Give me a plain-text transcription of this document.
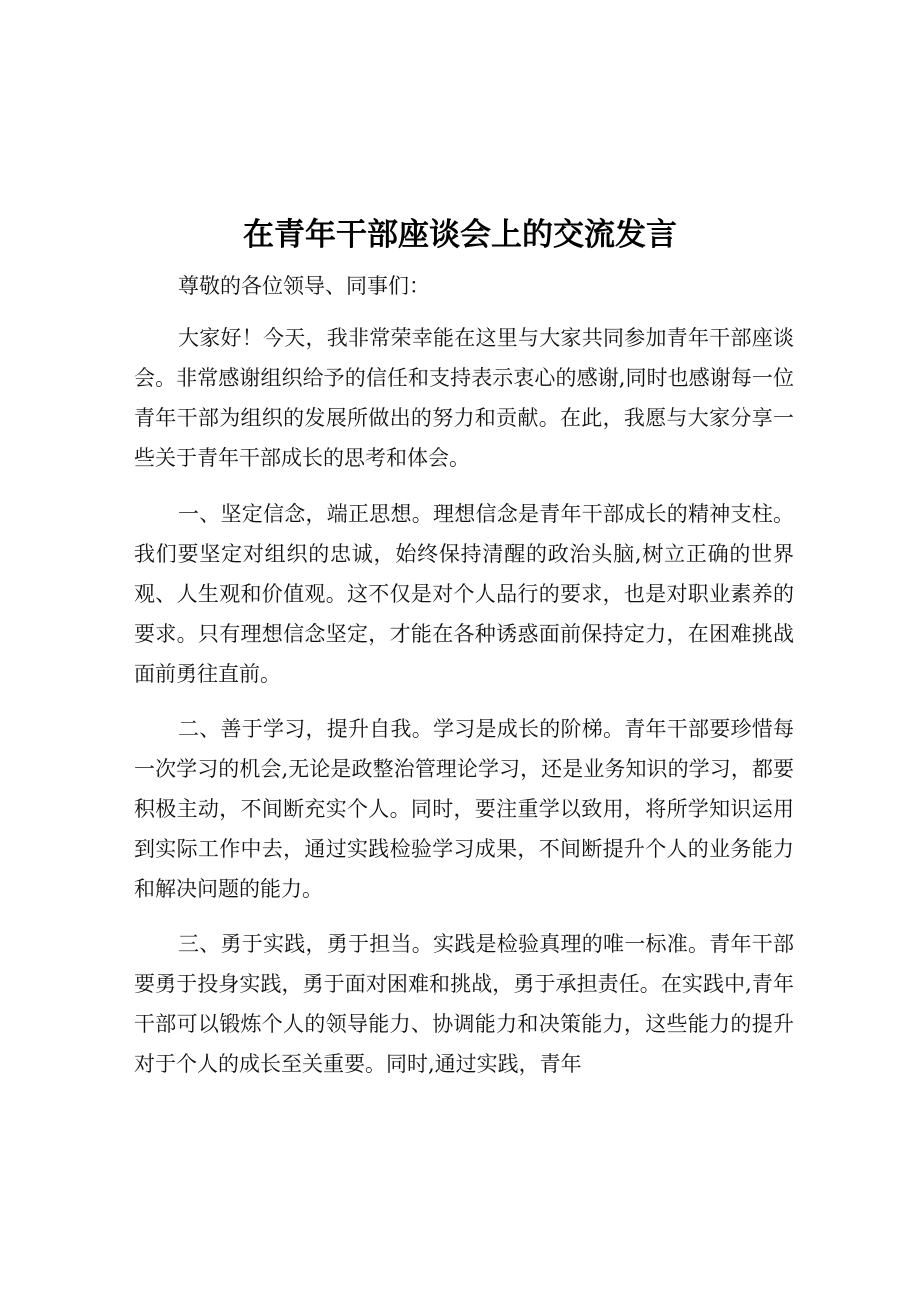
在青年干部座谈会上的交流发言

尊敬的各位领导、同事们：

大家好！今天，我非常荣幸能在这里与大家共同参加青年干部座谈会。非常感谢组织给予的信任和支持表示衷心的感谢,同时也感谢每一位青年干部为组织的发展所做出的努力和贡献。在此，我愿与大家分享一些关于青年干部成长的思考和体会。

一、坚定信念，端正思想。理想信念是青年干部成长的精神支柱。我们要坚定对组织的忠诚，始终保持清醒的政治头脑,树立正确的世界观、人生观和价值观。这不仅是对个人品行的要求，也是对职业素养的要求。只有理想信念坚定，才能在各种诱惑面前保持定力，在困难挑战面前勇往直前。

二、善于学习，提升自我。学习是成长的阶梯。青年干部要珍惜每一次学习的机会,无论是政整治管理论学习，还是业务知识的学习，都要积极主动，不间断充实个人。同时，要注重学以致用，将所学知识运用到实际工作中去，通过实践检验学习成果，不间断提升个人的业务能力和解决问题的能力。

三、勇于实践，勇于担当。实践是检验真理的唯一标准。青年干部要勇于投身实践，勇于面对困难和挑战，勇于承担责任。在实践中,青年干部可以锻炼个人的领导能力、协调能力和决策能力，这些能力的提升对于个人的成长至关重要。同时,通过实践，青年
